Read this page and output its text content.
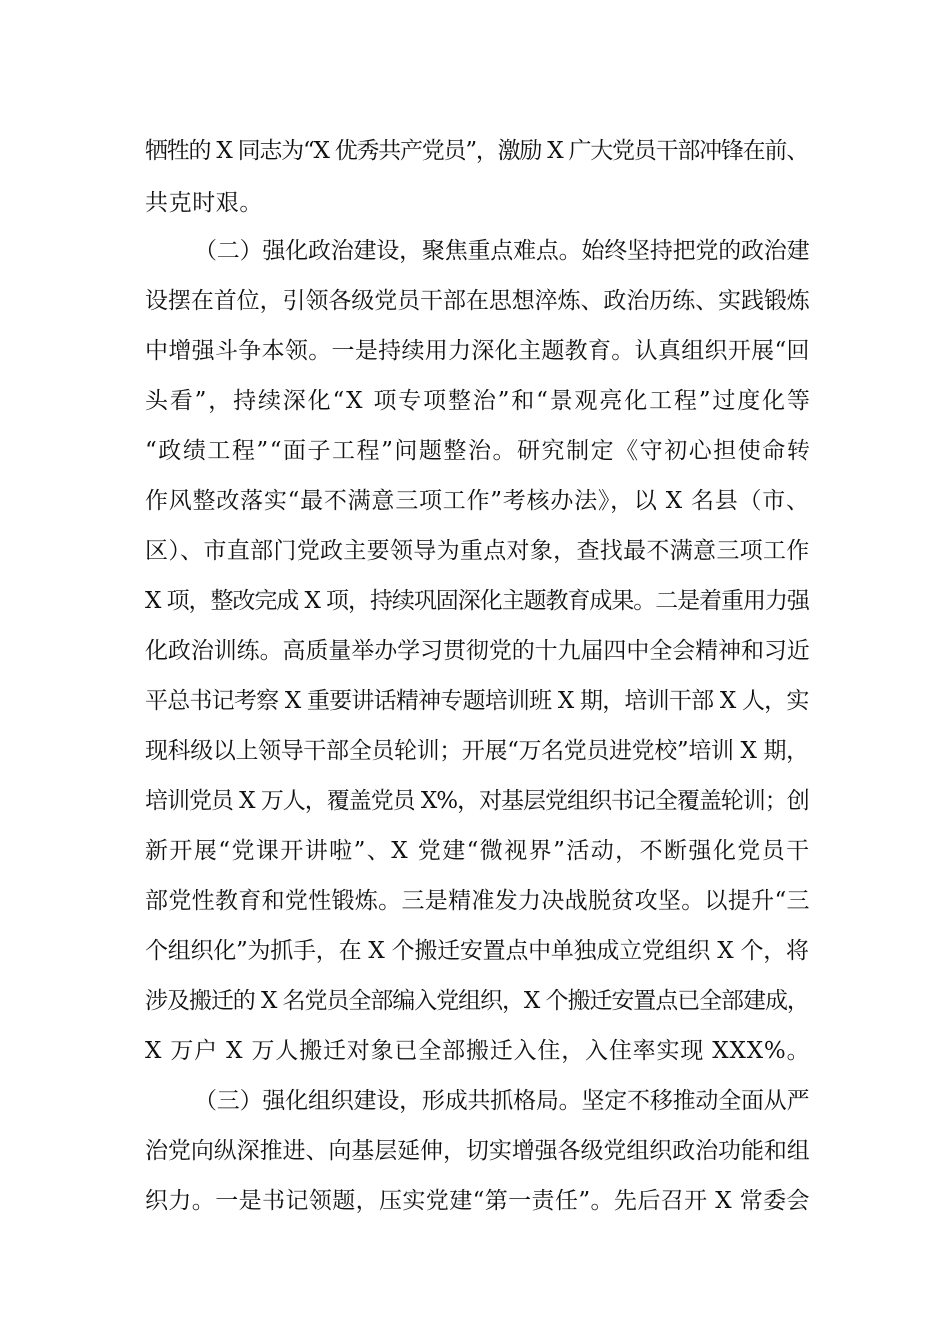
牺牲的 X 同志为“X 优秀共产党员”，激励 X 广大党员干部冲锋在前、
共克时艰。
（二）强化政治建设，聚焦重点难点。始终坚持把党的政治建
设摆在首位，引领各级党员干部在思想淬炼、政治历练、实践锻炼
中增强斗争本领。一是持续用力深化主题教育。认真组织开展“回
头看”，持续深化“X 项专项整治”和“景观亮化工程”过度化等
“政绩工程”“面子工程”问题整治。研究制定《守初心担使命转
作风整改落实“最不满意三项工作”考核办法》，以 X 名县（市、
区）、市直部门党政主要领导为重点对象，查找最不满意三项工作
X 项，整改完成 X 项，持续巩固深化主题教育成果。二是着重用力强
化政治训练。高质量举办学习贯彻党的十九届四中全会精神和习近
平总书记考察 X 重要讲话精神专题培训班 X 期，培训干部 X 人，实
现科级以上领导干部全员轮训；开展“万名党员进党校”培训 X 期，
培训党员 X 万人，覆盖党员 X%，对基层党组织书记全覆盖轮训；创
新开展“党课开讲啦”、X 党建“微视界”活动，不断强化党员干
部党性教育和党性锻炼。三是精准发力决战脱贫攻坚。以提升“三
个组织化”为抓手，在 X 个搬迁安置点中单独成立党组织 X 个，将
涉及搬迁的 X 名党员全部编入党组织，X 个搬迁安置点已全部建成，
X 万户 X 万人搬迁对象已全部搬迁入住，入住率实现 XXX%。
（三）强化组织建设，形成共抓格局。坚定不移推动全面从严
治党向纵深推进、向基层延伸，切实增强各级党组织政治功能和组
织力。一是书记领题，压实党建“第一责任”。先后召开 X 常委会
